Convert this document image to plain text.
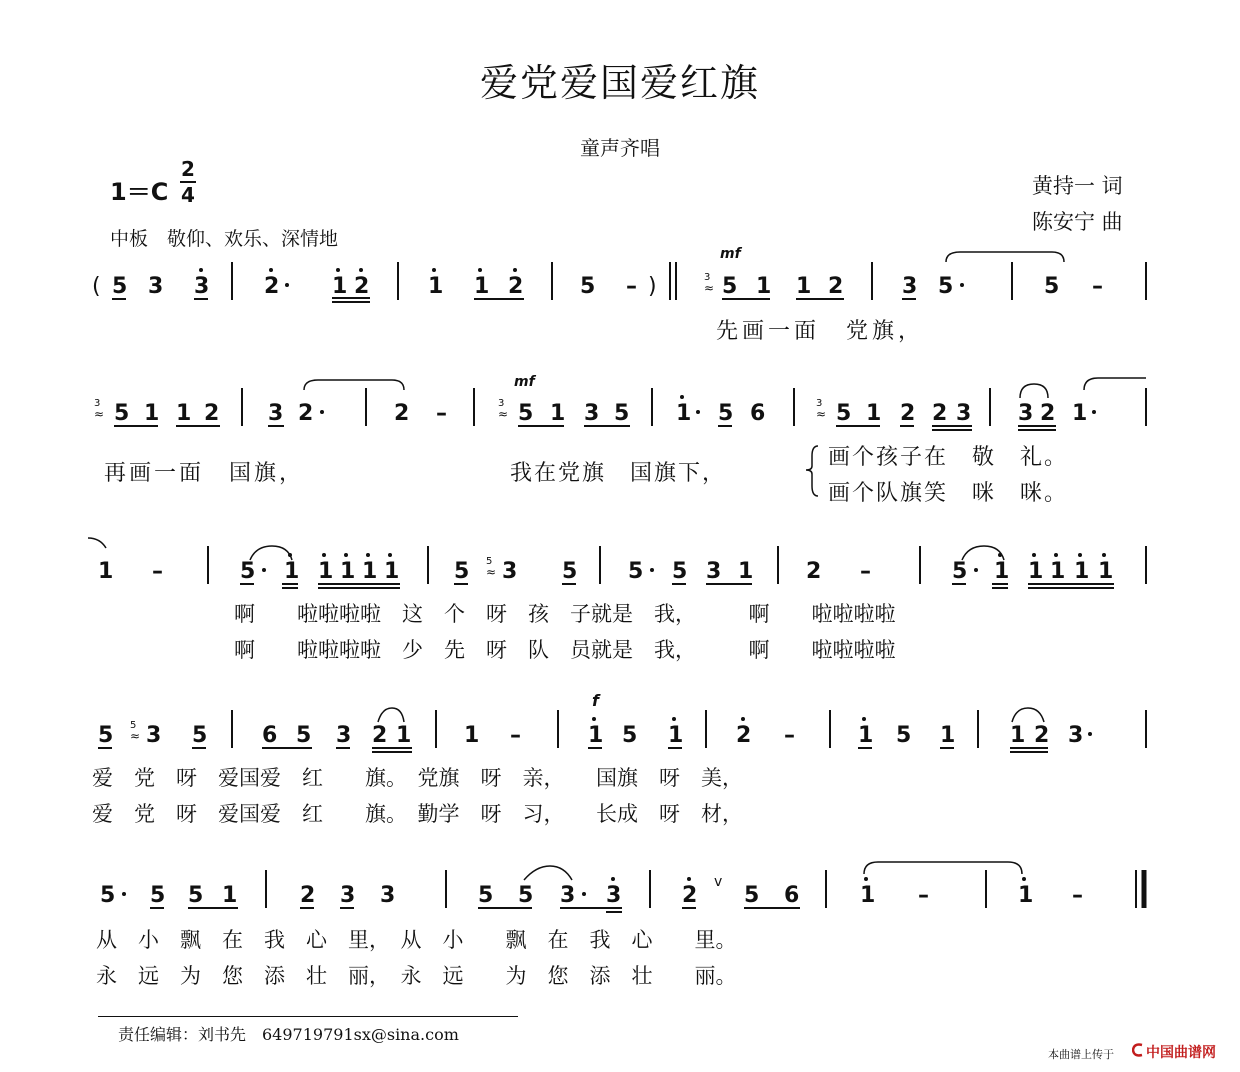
爱党爱国爱红旗
童声齐唱
1＝C
2
4
中板　敬仰、欢乐、深情地
黄持一 词
陈安宁 曲
( 5 3 3 2 1 2	1 1 2	5 – )
mf
3
≈ 5 1 1 2	3 5	5 –
3
≈ 5 1 1 2 3 2	2 –
mf
3
≈ 5 1 3 5 1 5 6	3
≈ 5 1 2 2 3 3 2 1
1 –	5 1 1 1 1 1 5 5
≈ 3 5 5 5 3 1 2 –	5 1 1 1 1 1
5 5
≈ 3 5 6 5 3 2 1 1 –
f
1 5 1 2 –	1 5 1 1 2 3
5 5 5 1	2 3 3	5 5 3 3	2
v
5 6	1 –	1 –
先画一面　党旗，
再画一面　国旗，	我在党旗　国旗下，
画个孩子在　敬　礼。
画个队旗笑　咪　咪。
啊　　啦啦啦啦　这　个　呀　孩　子就是　我，　　　啊　　啦啦啦啦
啊　　啦啦啦啦　少　先　呀　队　员就是　我，　　　啊　　啦啦啦啦
爱　党　呀　爱国爱　红　　旗。　党旗　呀　亲，　　国旗　呀　美，
爱　党　呀　爱国爱　红　　旗。　勤学　呀　习，　　长成　呀　材，
从　小　飘　在　我　心　里，　从　小　　飘　在　我　心　　里。
永　远　为　您　添　壮　丽，　永　远　　为　您　添　壮　　丽。
责任编辑：刘书先　649719791sx@sina.com
本曲谱上传于 中国曲谱网
